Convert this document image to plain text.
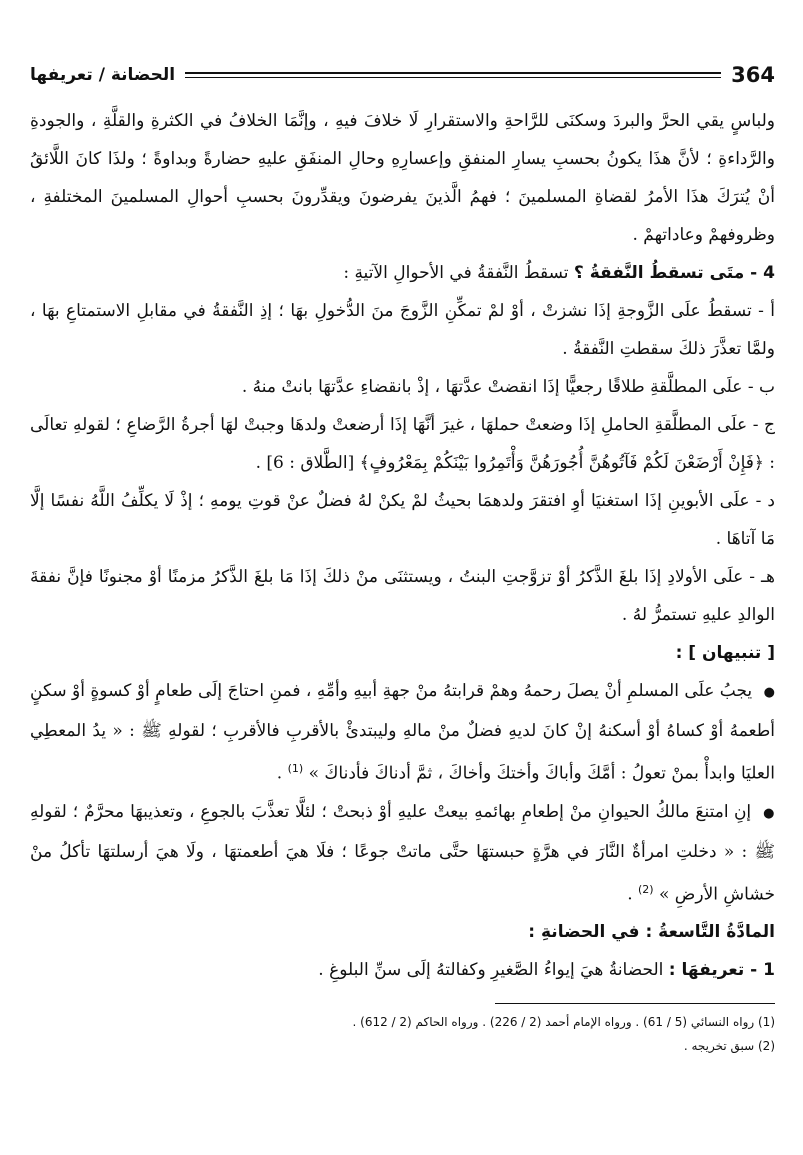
364
الحضانة / تعريفها

ولباسٍ يقي الحرَّ والبردَ وسكنَى للرَّاحةِ والاستقرارِ لَا خلافَ فيهِ ، وإنَّمَا الخلافُ في الكثرةِ والقلَّةِ ، والجودةِ والرَّداءةِ ؛ لأنَّ هذَا يكونُ بحسبِ يسارِ المنفقِ وإعسارِهِ وحالِ المنفَقِ عليهِ حضارةً وبداوةً ؛ ولذَا كانَ اللَّائقُ أنْ يُترَكَ هذَا الأمرُ لقضاةِ المسلمينَ ؛ فهمُ الَّذينَ يفرضونَ ويقدِّرونَ بحسبِ أحوالِ المسلمينَ المختلفةِ ، وظروفهمْ وعاداتهمْ .

4 - متَى تسقطُ النَّفقةُ ؟ تسقطُ النَّفقةُ في الأحوالِ الآتيةِ :

أ - تسقطُ علَى الزَّوجةِ إذَا نشزتْ ، أوْ لمْ تمكِّنِ الزَّوجَ منَ الدُّخولِ بهَا ؛ إذِ النَّفقةُ في مقابلِ الاستمتاعِ بهَا ، ولمَّا تعذَّرَ ذلكَ سقطتِ النَّفقةُ .

ب - علَى المطلَّقةِ طلاقًا رجعيًّا إذَا انقضتْ عدَّتهَا ، إذْ بانقضاءِ عدَّتهَا بانتْ منهُ .

ج - علَى المطلَّقةِ الحاملِ إذَا وضعتْ حملهَا ، غيرَ أنَّهَا إذَا أرضعتْ ولدهَا وجبتْ لهَا أجرةُ الرَّضاعِ ؛ لقولهِ تعالَى : ﴿فَإِنْ أَرْضَعْنَ لَكُمْ فَآتُوهُنَّ أُجُورَهُنَّ وَأْتَمِرُوا بَيْنَكُمْ بِمَعْرُوفٍ﴾ [الطَّلاق : 6] .

د - علَى الأبوينِ إذَا استغنيَا أوِ افتقرَ ولدهمَا بحيثُ لمْ يكنْ لهُ فضلٌ عنْ قوتِ يومهِ ؛ إذْ لَا يكلِّفُ اللَّهُ نفسًا إلَّا مَا آتاهَا .

هـ - علَى الأولادِ إذَا بلغَ الذَّكرُ أوْ تزوَّجتِ البنتُ ، ويستثنَى منْ ذلكَ إذَا مَا بلغَ الذَّكرُ مزمنًا أوْ مجنونًا فإنَّ نفقةَ الوالدِ عليهِ تستمرُّ لهُ .

[ تنبيهان ] :

● يجبُ علَى المسلمِ أنْ يصلَ رحمهُ وهمْ قرابتهُ منْ جهةِ أبيهِ وأمِّهِ ، فمنِ احتاجَ إلَى طعامٍ أوْ كسوةٍ أوْ سكنٍ أطعمهُ أوْ كساهُ أوْ أسكنهُ إنْ كانَ لديهِ فضلٌ منْ مالهِ وليبتدئْ بالأقربِ فالأقربِ ؛ لقولهِ ﷺ : « يدُ المعطِي العليَا وابدأْ بمنْ تعولُ : أمَّكَ وأباكَ وأختكَ وأخاكَ ، ثمَّ أدناكَ فأدناكَ » $^{(1)}$ .

● إنِ امتنعَ مالكُ الحيوانِ منْ إطعامِ بهائمهِ بيعتْ عليهِ أوْ ذبحتْ ؛ لئلَّا تعذَّبَ بالجوعِ ، وتعذيبهَا محرَّمٌ ؛ لقولهِ ﷺ : « دخلتِ امرأةٌ النَّارَ في هرَّةٍ حبستهَا حتَّى ماتتْ جوعًا ؛ فلَا هيَ أطعمتهَا ، ولَا هيَ أرسلتهَا تأكلُ منْ خشاشِ الأرضِ » $^{(2)}$ .

المادَّةُ التَّاسعةُ : في الحضانةِ :

1 - تعريفهَا : الحضانةُ هيَ إيواءُ الصَّغيرِ وكفالتهُ إلَى سنِّ البلوغِ .

(1) رواه النسائي (5 / 61) . ورواه الإمام أحمد (2 / 226) . ورواه الحاكم (2 / 612) .
(2) سبق تخريجه .
